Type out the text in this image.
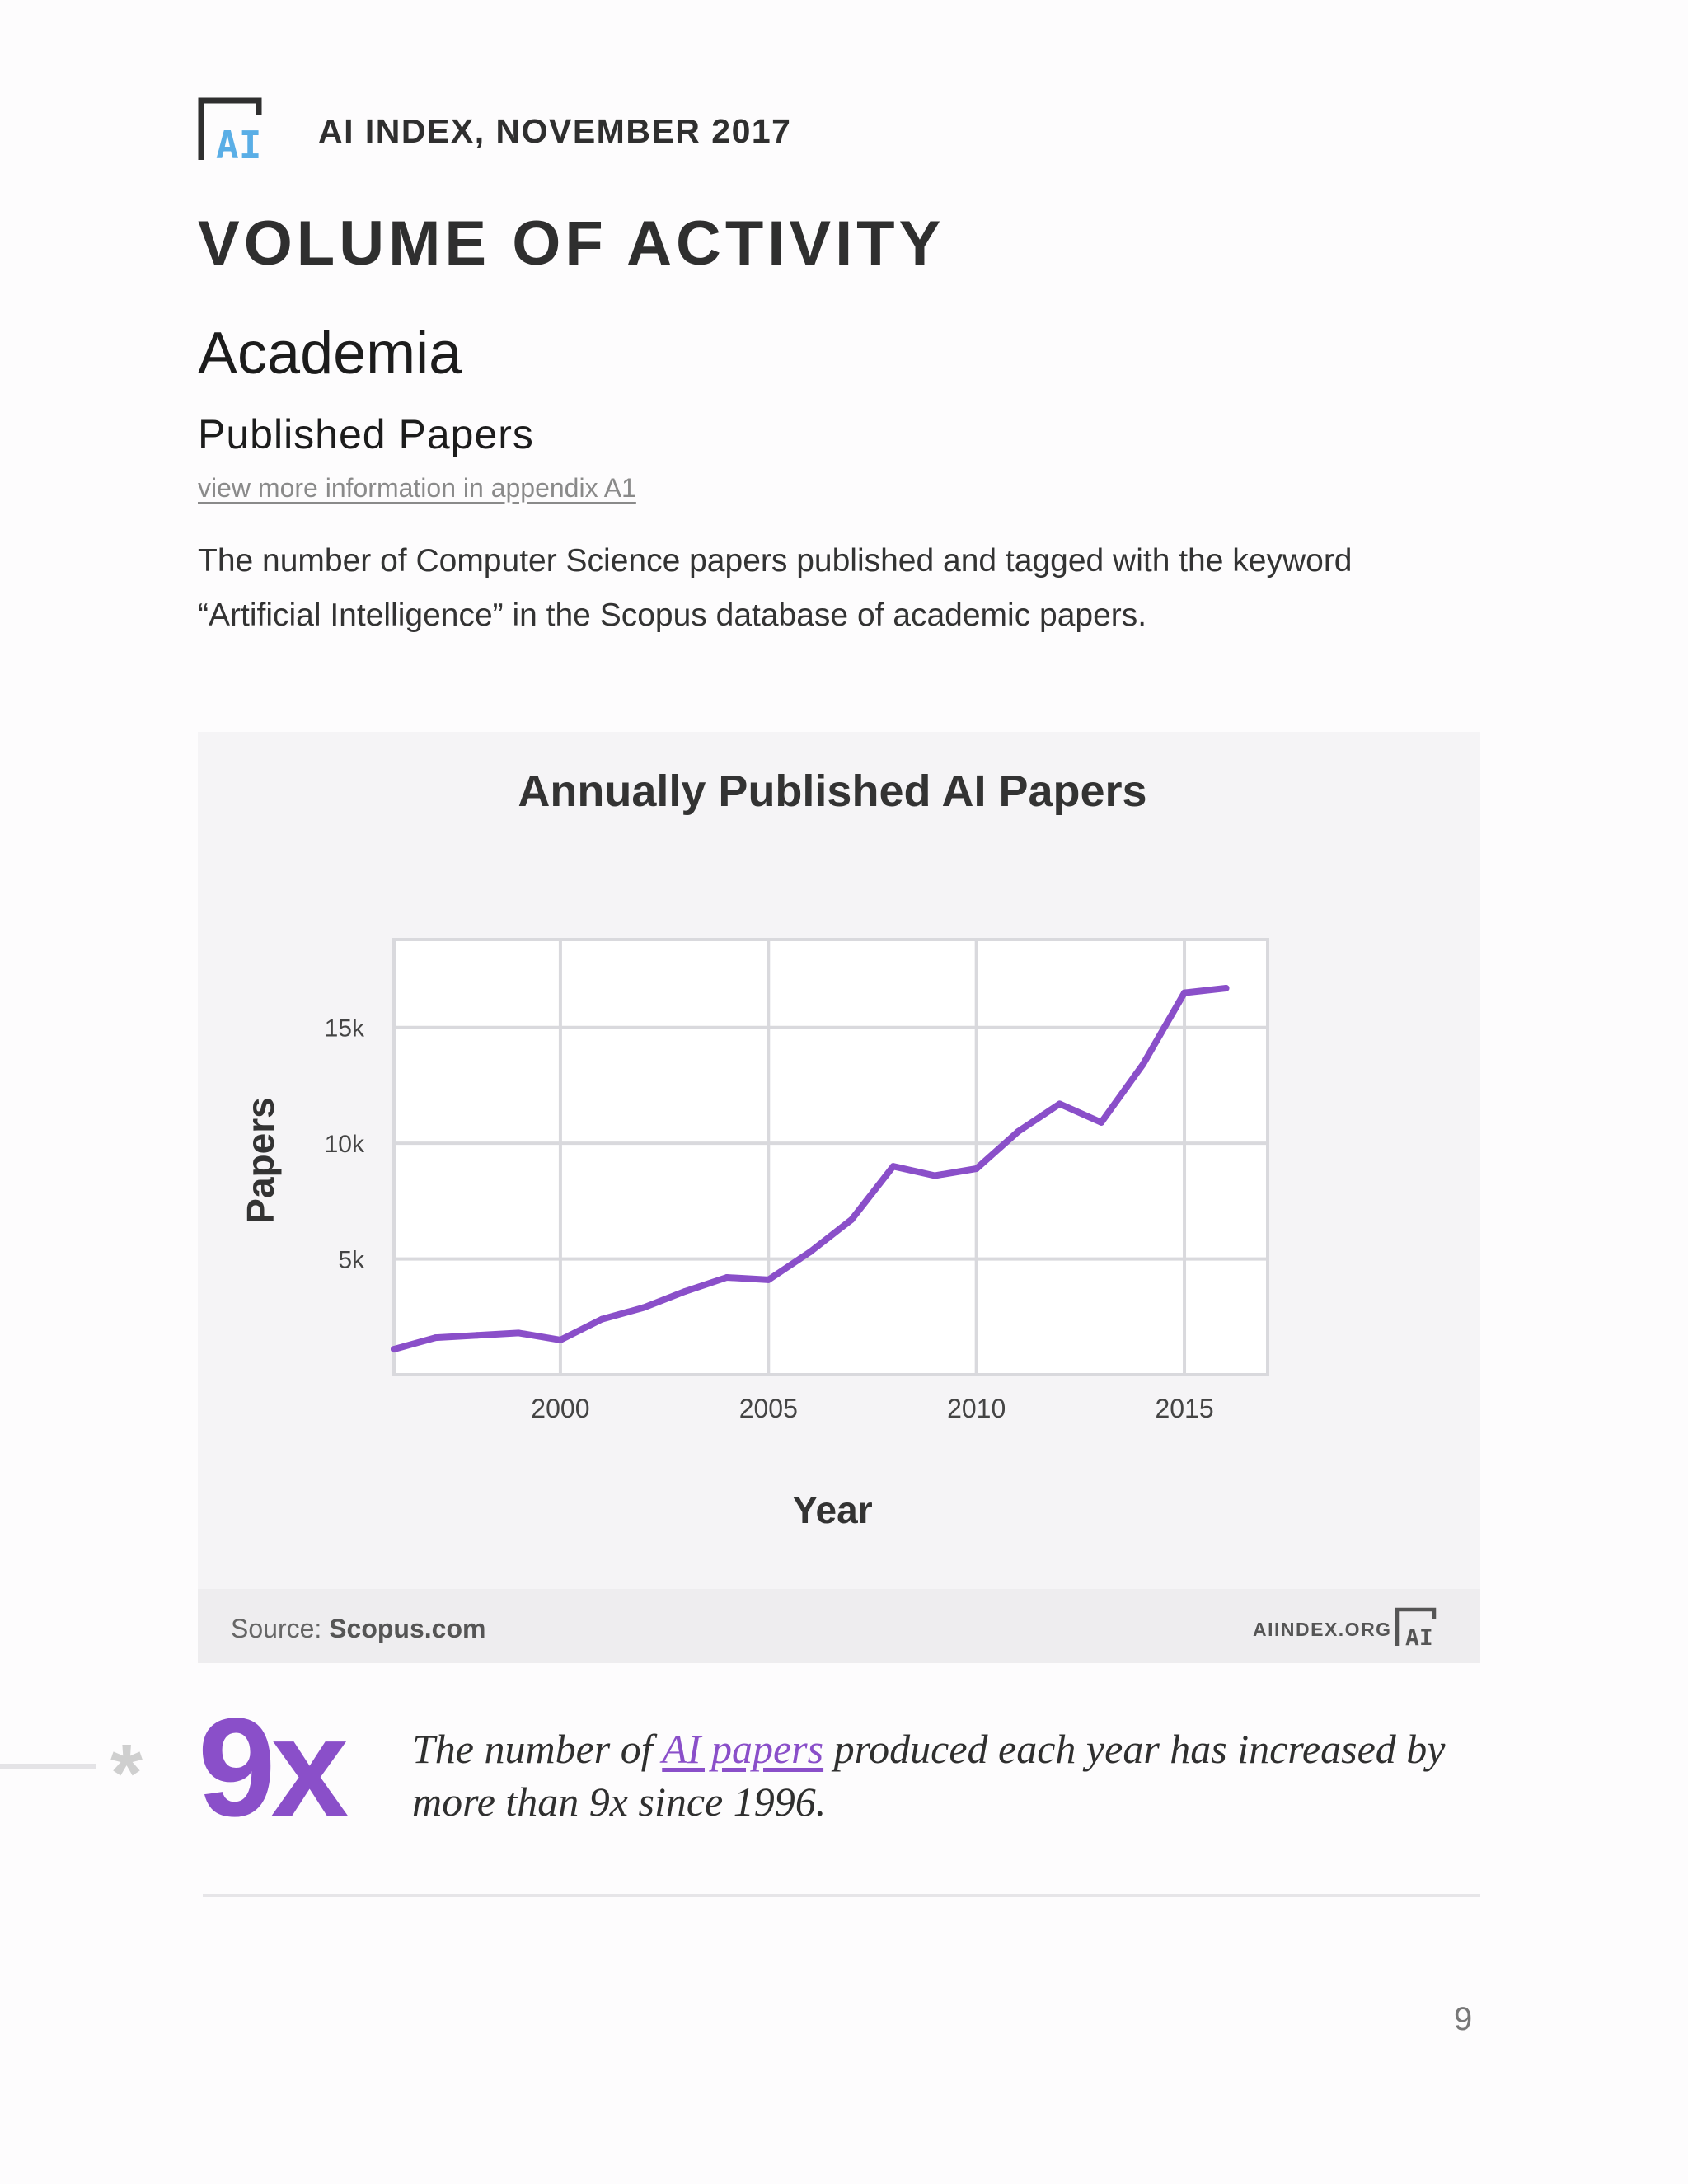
AI AI INDEX, NOVEMBER 2017
VOLUME OF ACTIVITY
Academia
Published Papers
view more information in appendix A1
The number of Computer Science papers published and tagged with the keyword “Artificial Intelligence” in the Scopus database of academic papers.
Annually Published AI Papers
2000	2005	2010	2015
5k
10k
15k
Year
Papers
Source: Scopus.com	AIINDEX.ORG AI
* 9x The number of AI papers produced each year has increased by more than 9x since 1996.
9
